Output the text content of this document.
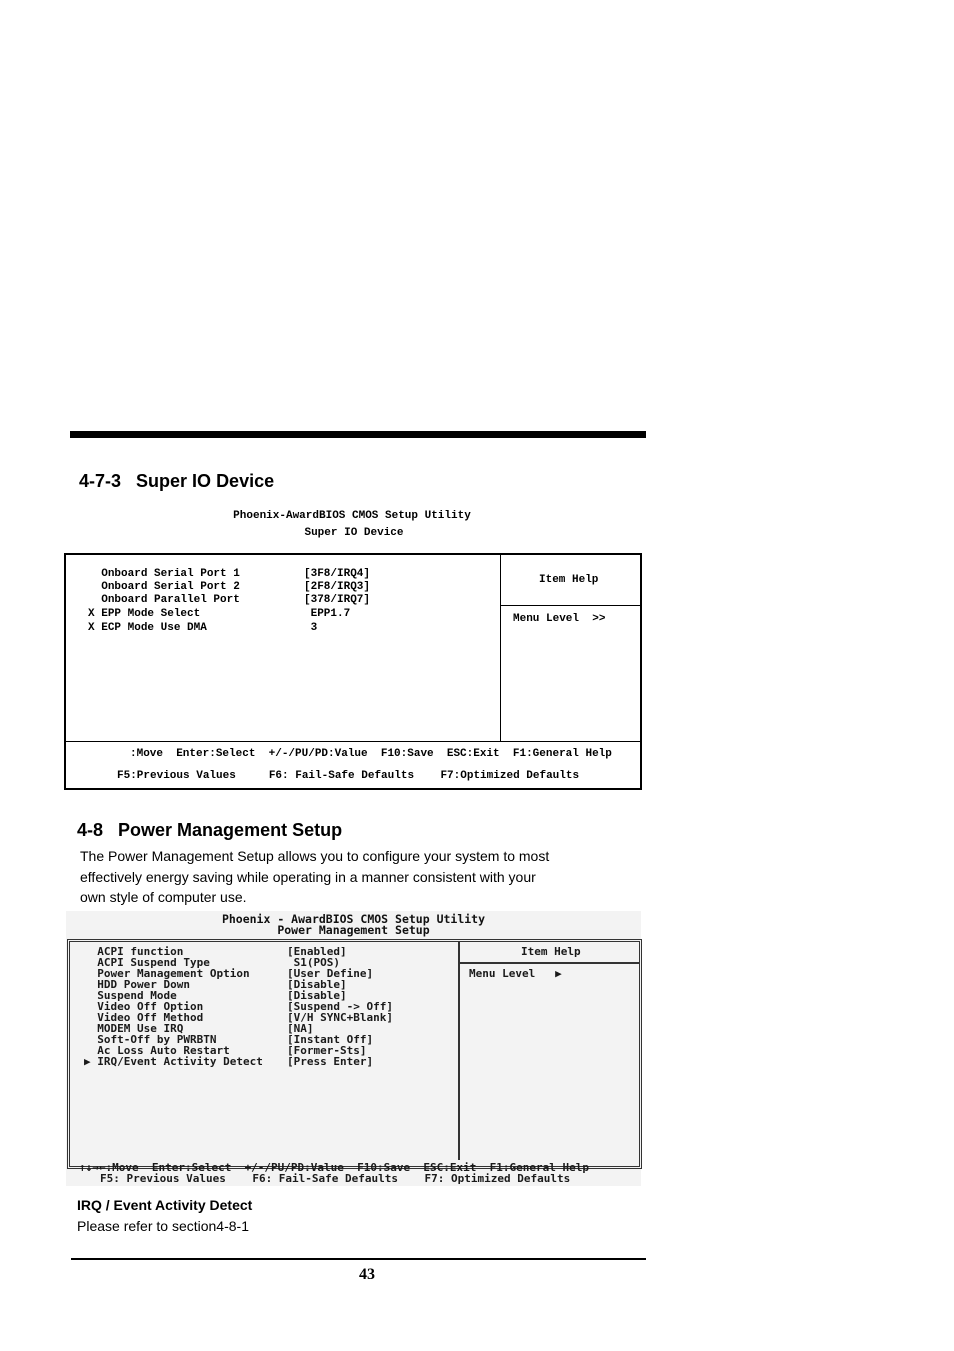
4-7-3 Super IO Device
Phoenix-AwardBIOS CMOS Setup Utility
Super IO Device
Onboard Serial Port 1	[3F8/IRQ4]
Onboard Serial Port 2	[2F8/IRQ3]
Onboard Parallel Port	[378/IRQ7]
X EPP Mode Select	EPP1.7
X ECP Mode Use DMA	3
Item Help
Menu Level  >>
:Move  Enter:Select  +/‐/PU/PD:Value  F10:Save  ESC:Exit  F1:General Help
F5:Previous Values     F6: Fail-Safe Defaults    F7:Optimized Defaults
4-8 Power Management Setup
The Power Management Setup allows you to configure your system to most
effectively energy saving while operating in a manner consistent with your
own style of computer use.
Phoenix - AwardBIOS CMOS Setup Utility
Power Management Setup
ACPI function	[Enabled]
ACPI Suspend Type	S1(POS)
Power Management Option	[User Define]
HDD Power Down	[Disable]
Suspend Mode	[Disable]
Video Off Option	[Suspend -> Off]
Video Off Method	[V/H SYNC+Blank]
MODEM Use IRQ	[NA]
Soft-Off by PWRBTN	[Instant Off]
Ac Loss Auto Restart	[Former-Sts]
▶ IRQ/Event Activity Detect [Press Enter]
Item Help
Menu Level   ▶
↑↓→←:Move  Enter:Select  +/-/PU/PD:Value  F10:Save  ESC:Exit  F1:General Help
F5: Previous Values    F6: Fail-Safe Defaults    F7: Optimized Defaults
IRQ / Event Activity Detect
Please refer to section4-8-1
43
